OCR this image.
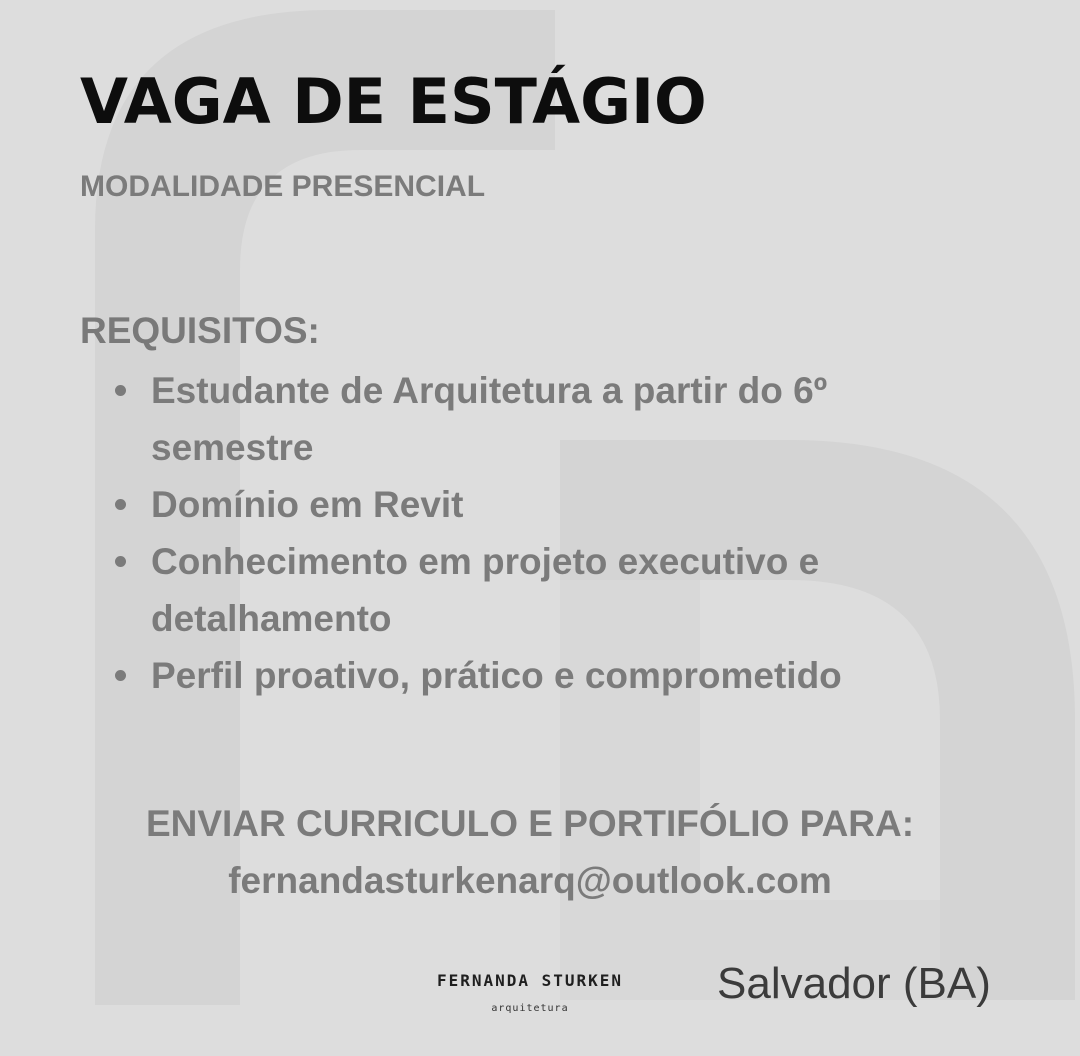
VAGA DE ESTÁGIO
MODALIDADE PRESENCIAL
REQUISITOS:
Estudante de Arquitetura a partir do 6º semestre
Domínio em Revit
Conhecimento em projeto executivo e detalhamento
Perfil proativo, prático e comprometido
ENVIAR CURRICULO E PORTIFÓLIO PARA:
fernandasturkenarq@outlook.com
FERNANDA STURKEN
arquitetura
Salvador (BA)
